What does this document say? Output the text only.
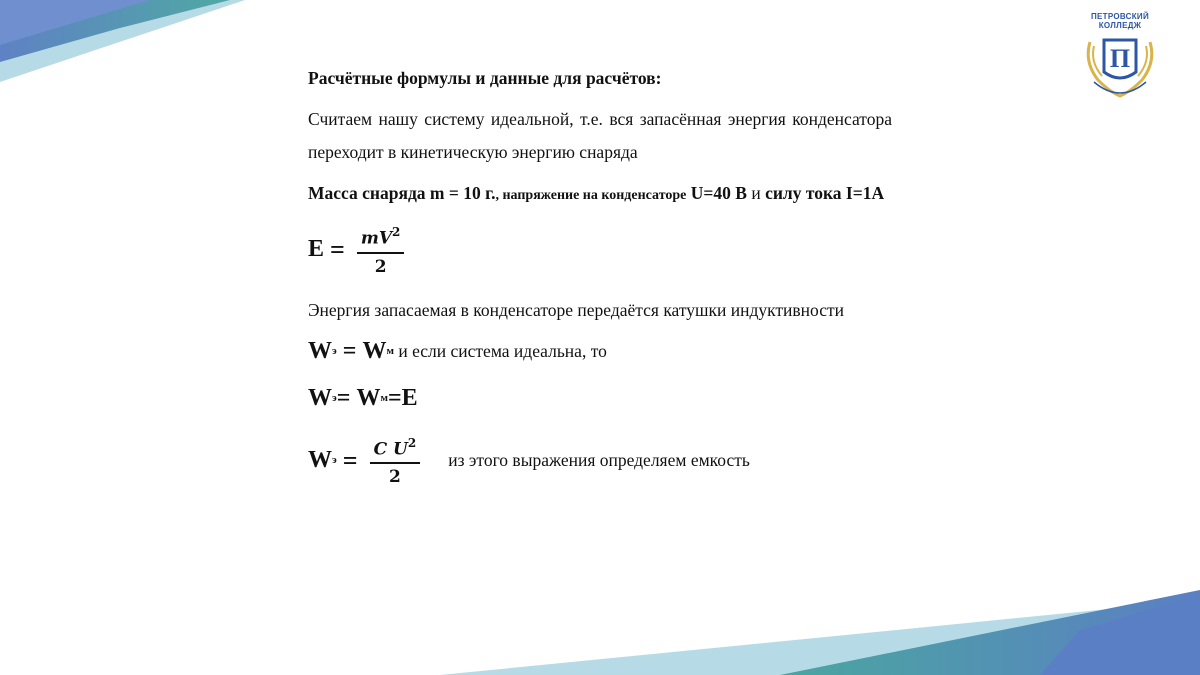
ПЕТРОВСКИЙ
КОЛЛЕДЖ
П

Расчётные формулы и данные для расчётов:

Считаем нашу систему идеальной, т.е. вся запасённая энергия конденсатора переходит в кинетическую энергию снаряда

Масса снаряда m = 10 г., напряжение на конденсаторе U=40 В и силу тока I=1А

$E = \frac{mV^2}{2}$

Энергия запасаемая в конденсаторе передаётся катушки индуктивности

W э = W м и если система идеальна, то
W э = W м =E
W $э = \frac{C U^2}{2}$ из этого выражения определяем емкость
